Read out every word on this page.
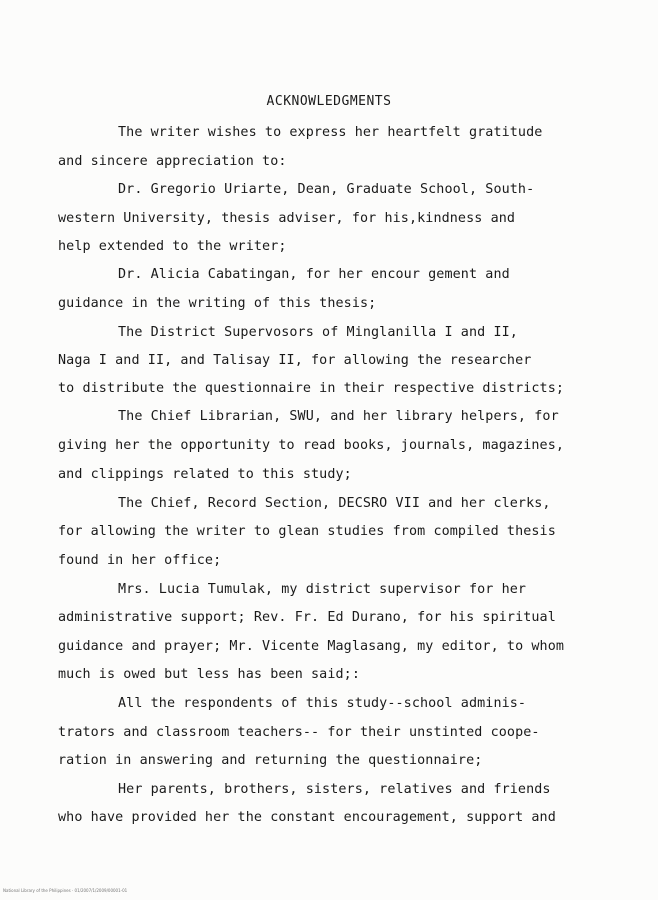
ACKNOWLEDGMENTS
The writer wishes to express her heartfelt gratitude
and sincere appreciation to:
Dr. Gregorio Uriarte, Dean, Graduate School, South-
western University, thesis adviser, for his,kindness and
help extended to the writer;
Dr. Alicia Cabatingan, for her encour gement and
guidance in the writing of this thesis;
The District Supervosors of Minglanilla I and II,
Naga I and II, and Talisay II, for allowing the researcher
to distribute the questionnaire in their respective districts;
The Chief Librarian, SWU, and her library helpers, for
giving her the opportunity to read books, journals, magazines,
and clippings related to this study;
The Chief, Record Section, DECSRO VII and her clerks,
for allowing the writer to glean studies from compiled thesis
found in her office;
Mrs. Lucia Tumulak, my district supervisor for her
administrative support; Rev. Fr. Ed Durano, for his spiritual
guidance and prayer; Mr. Vicente Maglasang, my editor, to whom
much is owed but less has been said;:
All the respondents of this study--school adminis-
trators and classroom teachers-- for their unstinted coope-
ration in answering and returning the questionnaire;
Her parents, brothers, sisters, relatives and friends
who have provided her the constant encouragement, support and
National Library of the Philippines · 01/2007/1/2009/00001-01
